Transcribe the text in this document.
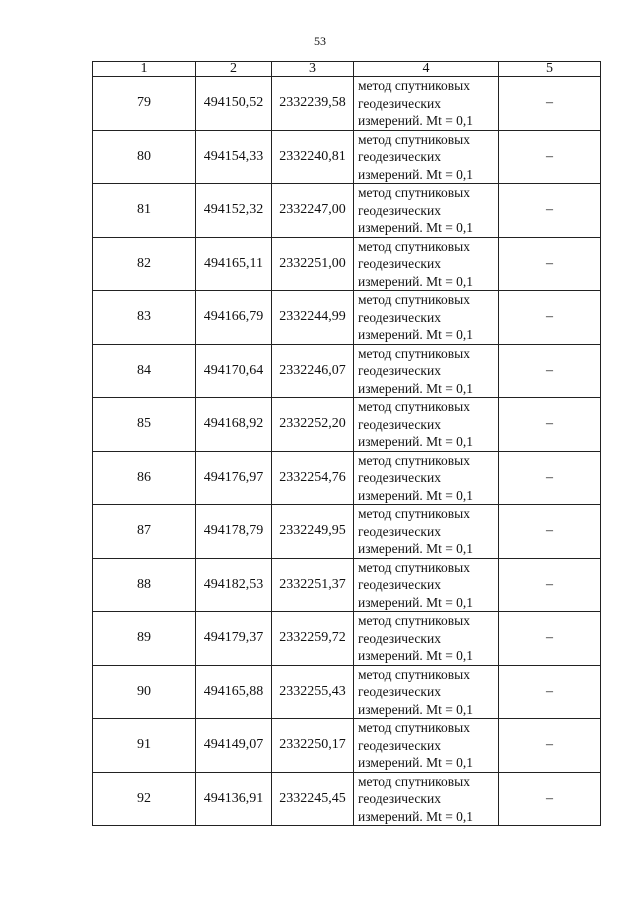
53
1	2	3	4	5
79	494150,52	2332239,58	метод спутниковых
геодезических
измерений. Mt = 0,1	–
80	494154,33	2332240,81	метод спутниковых
геодезических
измерений. Mt = 0,1	–
81	494152,32	2332247,00	метод спутниковых
геодезических
измерений. Mt = 0,1	–
82	494165,11	2332251,00	метод спутниковых
геодезических
измерений. Mt = 0,1	–
83	494166,79	2332244,99	метод спутниковых
геодезических
измерений. Mt = 0,1	–
84	494170,64	2332246,07	метод спутниковых
геодезических
измерений. Mt = 0,1	–
85	494168,92	2332252,20	метод спутниковых
геодезических
измерений. Mt = 0,1	–
86	494176,97	2332254,76	метод спутниковых
геодезических
измерений. Mt = 0,1	–
87	494178,79	2332249,95	метод спутниковых
геодезических
измерений. Mt = 0,1	–
88	494182,53	2332251,37	метод спутниковых
геодезических
измерений. Mt = 0,1	–
89	494179,37	2332259,72	метод спутниковых
геодезических
измерений. Mt = 0,1	–
90	494165,88	2332255,43	метод спутниковых
геодезических
измерений. Mt = 0,1	–
91	494149,07	2332250,17	метод спутниковых
геодезических
измерений. Mt = 0,1	–
92	494136,91	2332245,45	метод спутниковых
геодезических
измерений. Mt = 0,1	–
